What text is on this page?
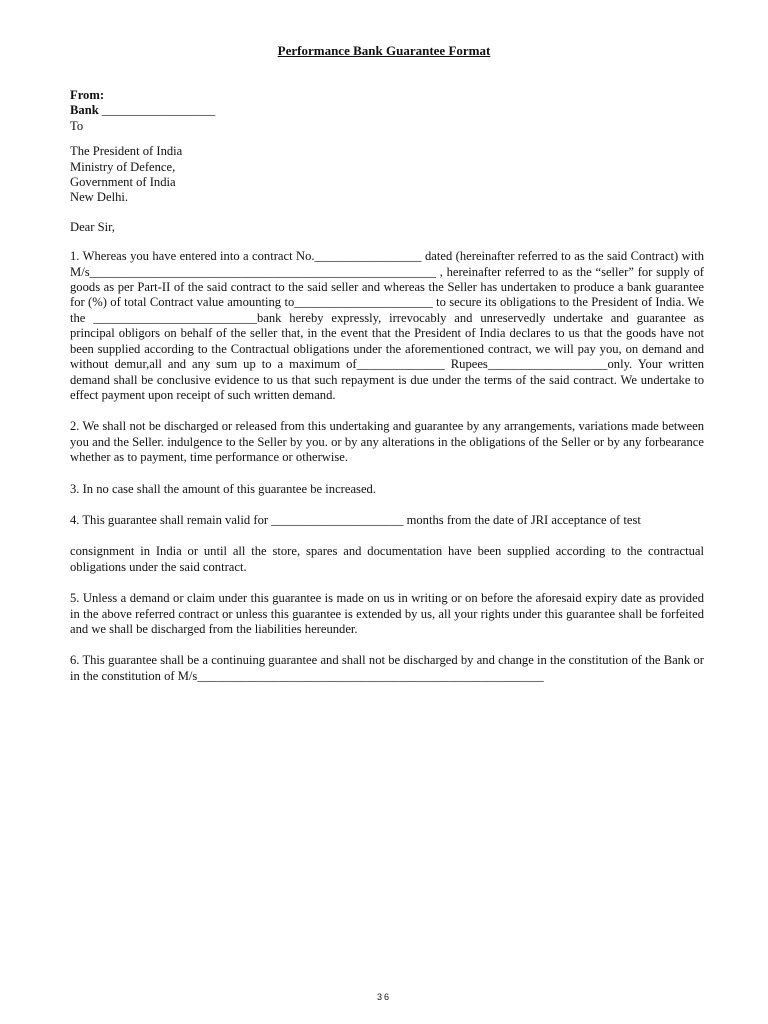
Performance Bank Guarantee Format
From:
Bank __________________
To
The President of India
Ministry of Defence,
Government of India
New Delhi.
Dear Sir,

1. Whereas you have entered into a contract No._________________ dated (hereinafter referred to as the said Contract) with M/s_______________________________________________________ , hereinafter referred to as the “seller” for supply of goods as per Part-II of the said contract to the said seller and whereas the Seller has undertaken to produce a bank guarantee for (%) of total Contract value amounting to______________________ to secure its obligations to the President of India. We the __________________________bank hereby expressly, irrevocably and unreservedly undertake and guarantee as principal obligors on behalf of the seller that, in the event that the President of India declares to us that the goods have not been supplied according to the Contractual obligations under the aforementioned contract, we will pay you, on demand and without demur,all and any sum up to a maximum of______________ Rupees___________________only. Your written demand shall be conclusive evidence to us that such repayment is due under the terms of the said contract. We undertake to effect payment upon receipt of such written demand.

2. We shall not be discharged or released from this undertaking and guarantee by any arrangements, variations made between you and the Seller. indulgence to the Seller by you. or by any alterations in the obligations of the Seller or by any forbearance whether as to payment, time performance or otherwise.

3. In no case shall the amount of this guarantee be increased.

4. This guarantee shall remain valid for _____________________ months from the date of JRI acceptance of test

consignment in India or until all the store, spares and documentation have been supplied according to the contractual obligations under the said contract.

5. Unless a demand or claim under this guarantee is made on us in writing or on before the aforesaid expiry date as provided in the above referred contract or unless this guarantee is extended by us, all your rights under this guarantee shall be forfeited and we shall be discharged from the liabilities hereunder.

6. This guarantee shall be a continuing guarantee and shall not be discharged by and change in the constitution of the Bank or in the constitution of M/s_______________________________________________________

36
